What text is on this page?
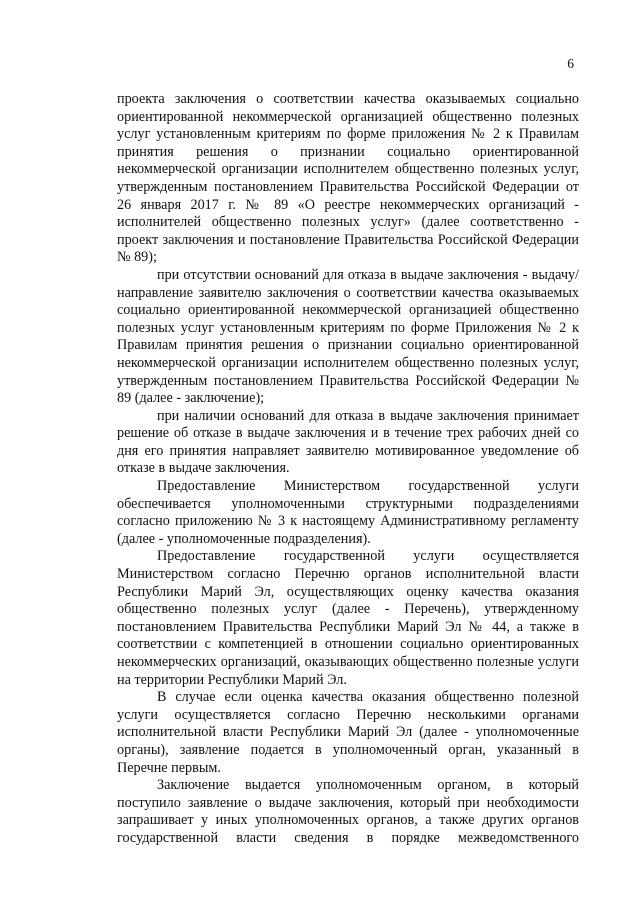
6

проекта заключения о соответствии качества оказываемых социально ориентированной некоммерческой организацией общественно полезных услуг установленным критериям по форме приложения № 2 к Правилам принятия решения о признании социально ориентированной некоммерческой организации исполнителем общественно полезных услуг, утвержденным постановлением Правительства Российской Федерации от 26 января 2017 г. № 89 «О реестре некоммерческих организаций - исполнителей общественно полезных услуг» (далее соответственно - проект заключения и постановление Правительства Российской Федерации № 89);

при отсутствии оснований для отказа в выдаче заключения - выдачу/направление заявителю заключения о соответствии качества оказываемых социально ориентированной некоммерческой организацией общественно полезных услуг установленным критериям по форме Приложения № 2 к Правилам принятия решения о признании социально ориентированной некоммерческой организации исполнителем общественно полезных услуг, утвержденным постановлением Правительства Российской Федерации № 89 (далее - заключение);

при наличии оснований для отказа в выдаче заключения принимает решение об отказе в выдаче заключения и в течение трех рабочих дней со дня его принятия направляет заявителю мотивированное уведомление об отказе в выдаче заключения.

Предоставление Министерством государственной услуги обеспечивается уполномоченными структурными подразделениями согласно приложению № 3 к настоящему Административному регламенту (далее - уполномоченные подразделения).

Предоставление государственной услуги осуществляется Министерством согласно Перечню органов исполнительной власти Республики Марий Эл, осуществляющих оценку качества оказания общественно полезных услуг (далее - Перечень), утвержденному постановлением Правительства Республики Марий Эл № 44, а также в соответствии с компетенцией в отношении социально ориентированных некоммерческих организаций, оказывающих общественно полезные услуги на территории Республики Марий Эл.

В случае если оценка качества оказания общественно полезной услуги осуществляется согласно Перечню несколькими органами исполнительной власти Республики Марий Эл (далее - уполномоченные органы), заявление подается в уполномоченный орган, указанный в Перечне первым.

Заключение выдается уполномоченным органом, в который поступило заявление о выдаче заключения, который при необходимости запрашивает у иных уполномоченных органов, а также других органов государственной власти сведения в порядке межведомственного
